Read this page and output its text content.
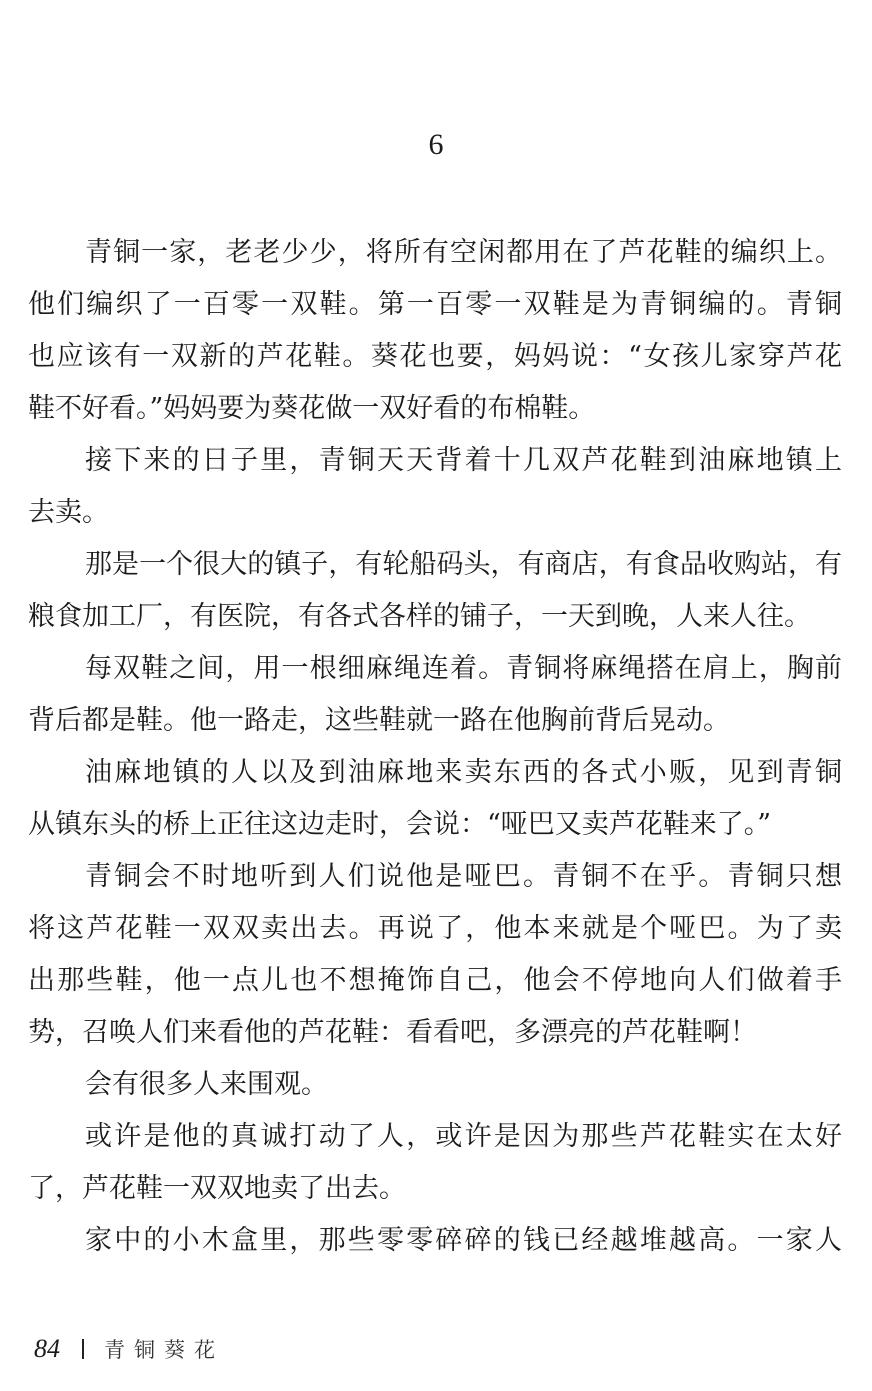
6
青铜一家，老老少少，将所有空闲都用在了芦花鞋的编织上。
他们编织了一百零一双鞋。第一百零一双鞋是为青铜编的。青铜
也应该有一双新的芦花鞋。葵花也要，妈妈说：“女孩儿家穿芦花
鞋不好看。”妈妈要为葵花做一双好看的布棉鞋。
接下来的日子里，青铜天天背着十几双芦花鞋到油麻地镇上
去卖。
那是一个很大的镇子，有轮船码头，有商店，有食品收购站，有
粮食加工厂，有医院，有各式各样的铺子，一天到晚，人来人往。
每双鞋之间，用一根细麻绳连着。青铜将麻绳搭在肩上，胸前
背后都是鞋。他一路走，这些鞋就一路在他胸前背后晃动。
油麻地镇的人以及到油麻地来卖东西的各式小贩，见到青铜
从镇东头的桥上正往这边走时，会说：“哑巴又卖芦花鞋来了。”
青铜会不时地听到人们说他是哑巴。青铜不在乎。青铜只想
将这芦花鞋一双双卖出去。再说了，他本来就是个哑巴。为了卖
出那些鞋，他一点儿也不想掩饰自己，他会不停地向人们做着手
势，召唤人们来看他的芦花鞋：看看吧，多漂亮的芦花鞋啊！
会有很多人来围观。
或许是他的真诚打动了人，或许是因为那些芦花鞋实在太好
了，芦花鞋一双双地卖了出去。
家中的小木盒里，那些零零碎碎的钱已经越堆越高。一家人
84 青铜葵花
